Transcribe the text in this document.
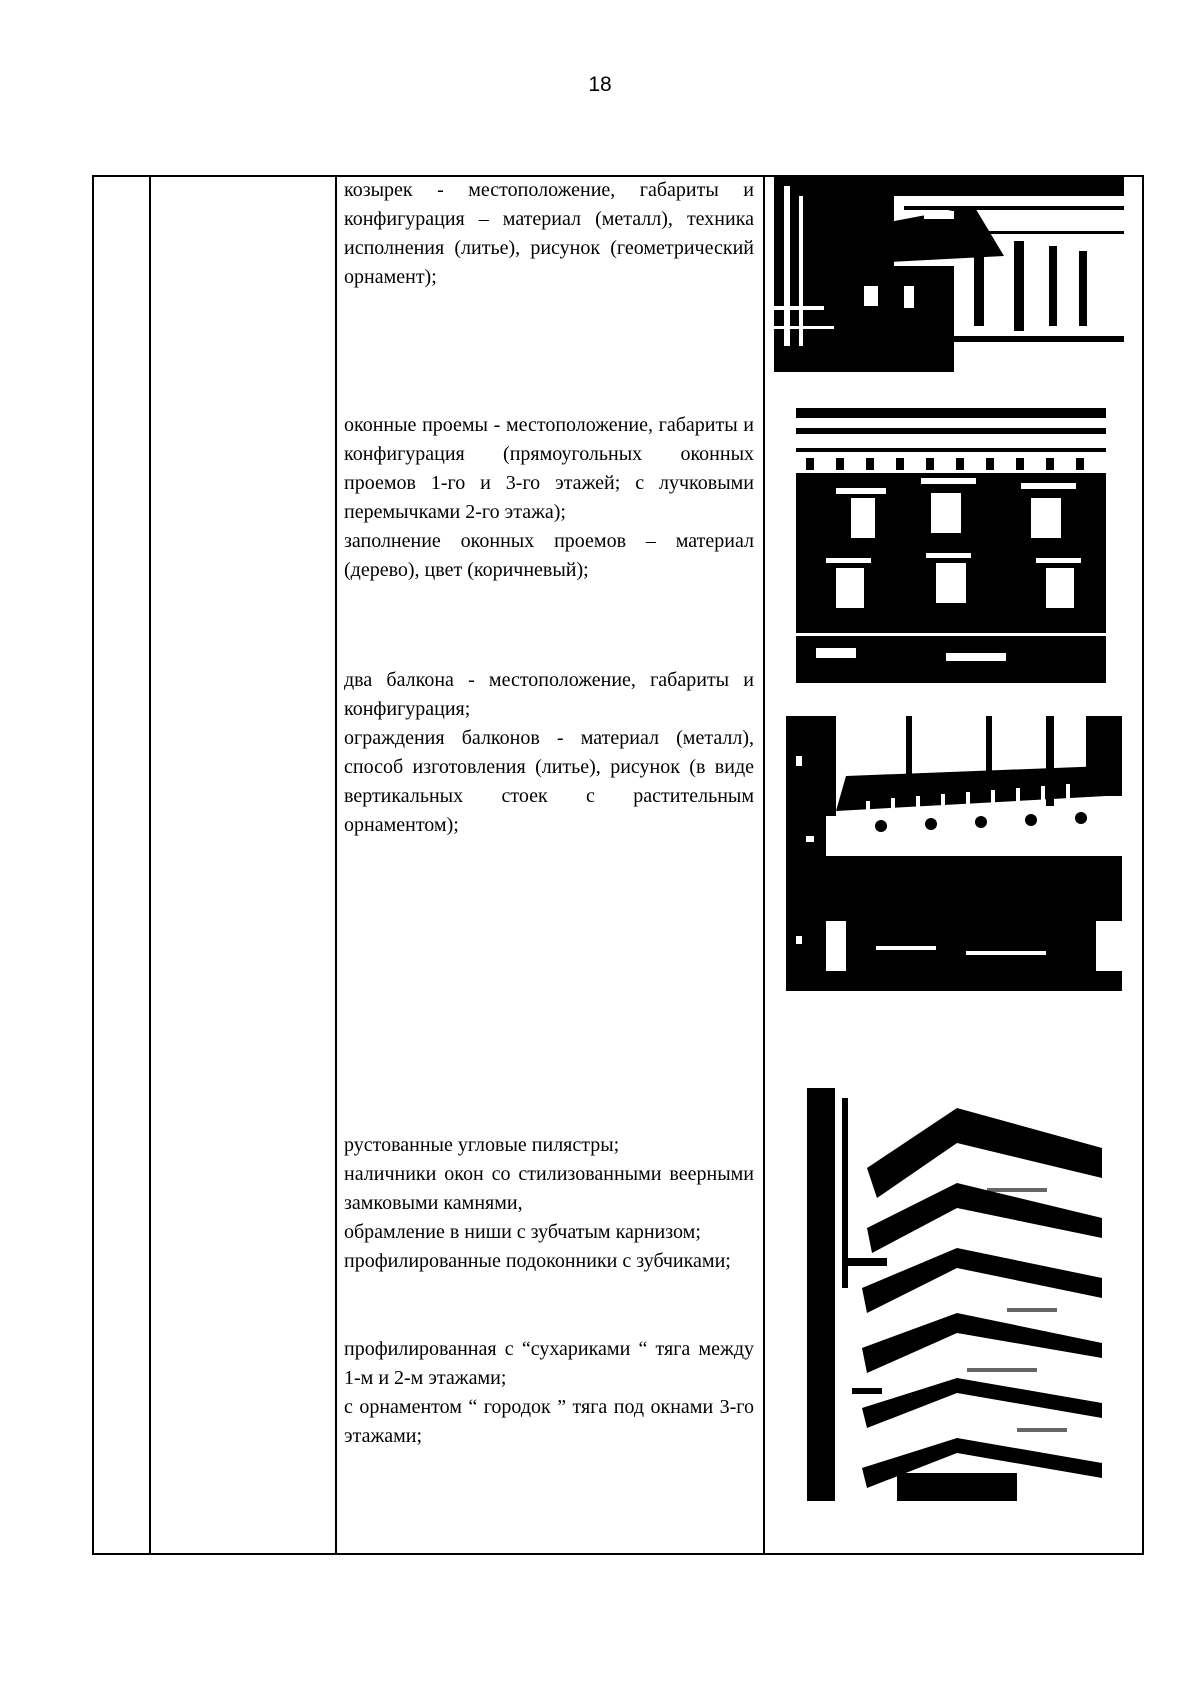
18
козырек - местоположение, габариты и конфигурация – материал (металл), техника исполнения (литье), рисунок (геометрический орнамент);
оконные проемы - местоположение, габариты и конфигурация (прямоугольных оконных проемов 1-го и 3-го этажей; с лучковыми перемычками 2-го этажа);
заполнение оконных проемов – материал (дерево), цвет (коричневый);
два балкона - местоположение, габариты и конфигурация;
ограждения балконов - материал (металл), способ изготовления (литье), рисунок (в виде вертикальных стоек с растительным орнаментом);
рустованные угловые пилястры;
наличники окон со стилизованными веерными замковыми камнями,
обрамление в ниши с зубчатым карнизом;
профилированные подоконники с зубчиками;
профилированная с “сухариками “ тяга между 1-м и 2-м этажами;
с орнаментом “ городок ” тяга под окнами 3-го этажами;
